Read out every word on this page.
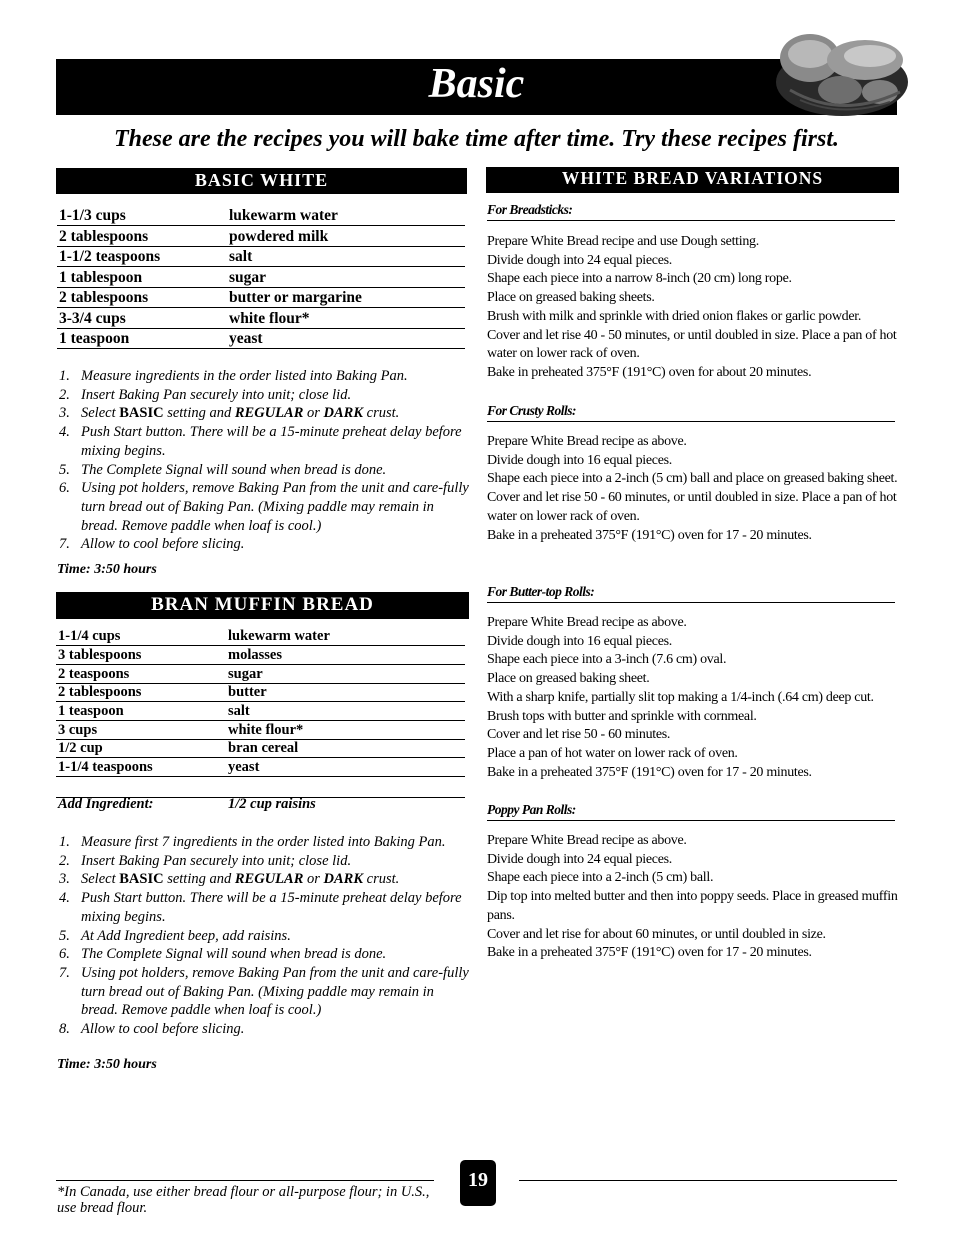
Basic

These are the recipes you will bake time after time. Try these recipes first.

BASIC WHITE
1-1/3 cups	lukewarm water
2 tablespoons	powdered milk
1-1/2 teaspoons	salt
1 tablespoon	sugar
2 tablespoons	butter or margarine
3-3/4 cups	white flour*
1 teaspoon	yeast
1. Measure ingredients in the order listed into Baking Pan.
2. Insert Baking Pan securely into unit; close lid.
3. Select BASIC setting and REGULAR or DARK crust.
4. Push Start button. There will be a 15-minute preheat delay before mixing begins.
5. The Complete Signal will sound when bread is done.
6. Using pot holders, remove Baking Pan from the unit and care-fully turn bread out of Baking Pan. (Mixing paddle may remain in bread. Remove paddle when loaf is cool.)
7. Allow to cool before slicing.
Time: 3:50 hours
BRAN MUFFIN BREAD
1-1/4 cups	lukewarm water
3 tablespoons	molasses
2 teaspoons	sugar
2 tablespoons	butter
1 teaspoon	salt
3 cups	white flour*
1/2 cup	bran cereal
1-1/4 teaspoons	yeast
Add Ingredient:	1/2 cup raisins
1. Measure first 7 ingredients in the order listed into Baking Pan.
2. Insert Baking Pan securely into unit; close lid.
3. Select BASIC setting and REGULAR or DARK crust.
4. Push Start button. There will be a 15-minute preheat delay before mixing begins.
5. At Add Ingredient beep, add raisins.
6. The Complete Signal will sound when bread is done.
7. Using pot holders, remove Baking Pan from the unit and care-fully turn bread out of Baking Pan. (Mixing paddle may remain in bread. Remove paddle when loaf is cool.)
8. Allow to cool before slicing.
Time: 3:50 hours
WHITE BREAD VARIATIONS
For Breadsticks:
Prepare White Bread recipe and use Dough setting.
Divide dough into 24 equal pieces.
Shape each piece into a narrow 8-inch (20 cm) long rope.
Place on greased baking sheets.
Brush with milk and sprinkle with dried onion flakes or garlic powder.
Cover and let rise 40 - 50 minutes, or until doubled in size. Place a pan of hot water on lower rack of oven.
Bake in preheated 375°F (191°C) oven for about 20 minutes.
For Crusty Rolls:
Prepare White Bread recipe as above.
Divide dough into 16 equal pieces.
Shape each piece into a 2-inch (5 cm) ball and place on greased baking sheet.
Cover and let rise 50 - 60 minutes, or until doubled in size. Place a pan of hot water on lower rack of oven.
Bake in a preheated 375°F (191°C) oven for 17 - 20 minutes.
For Butter-top Rolls:
Prepare White Bread recipe as above.
Divide dough into 16 equal pieces.
Shape each piece into a 3-inch (7.6 cm) oval.
Place on greased baking sheet.
With a sharp knife, partially slit top making a 1/4-inch (.64 cm) deep cut.
Brush tops with butter and sprinkle with cornmeal.
Cover and let rise 50 - 60 minutes.
Place a pan of hot water on lower rack of oven.
Bake in a preheated 375°F (191°C) oven for 17 - 20 minutes.
Poppy Pan Rolls:
Prepare White Bread recipe as above.
Divide dough into 24 equal pieces.
Shape each piece into a 2-inch (5 cm) ball.
Dip top into melted butter and then into poppy seeds. Place in greased muffin pans.
Cover and let rise for about 60 minutes, or until doubled in size.
Bake in a preheated 375°F (191°C) oven for 17 - 20 minutes.
19
*In Canada, use either bread flour or all-purpose flour; in U.S., use bread flour.
